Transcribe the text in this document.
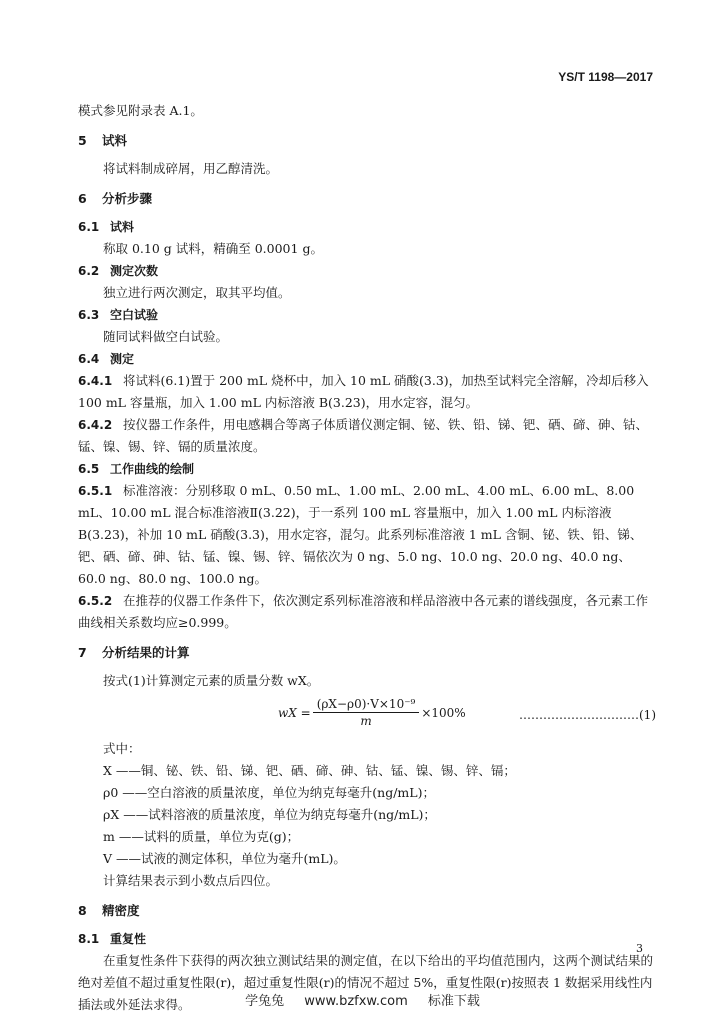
YS/T 1198—2017

模式参见附录表 A.1。

5 试料

将试料制成碎屑，用乙醇清洗。

6 分析步骤
6.1 试料

称取 0.10 g 试料，精确至 0.0001 g。

6.2 测定次数

独立进行两次测定，取其平均值。

6.3 空白试验

随同试料做空白试验。

6.4 测定

6.4.1 将试料(6.1)置于 200 mL 烧杯中，加入 10 mL 硝酸(3.3)，加热至试料完全溶解，冷却后移入 100 mL 容量瓶，加入 1.00 mL 内标溶液 B(3.23)，用水定容，混匀。

6.4.2 按仪器工作条件，用电感耦合等离子体质谱仪测定铜、铋、铁、铅、锑、钯、硒、碲、砷、钴、锰、镍、锡、锌、镉的质量浓度。

6.5 工作曲线的绘制

6.5.1 标准溶液：分别移取 0 mL、0.50 mL、1.00 mL、2.00 mL、4.00 mL、6.00 mL、8.00 mL、10.00 mL 混合标准溶液Ⅱ(3.22)，于一系列 100 mL 容量瓶中，加入 1.00 mL 内标溶液 B(3.23)，补加 10 mL 硝酸(3.3)，用水定容，混匀。此系列标准溶液 1 mL 含铜、铋、铁、铅、锑、钯、硒、碲、砷、钴、锰、镍、锡、锌、镉依次为 0 ng、5.0 ng、10.0 ng、20.0 ng、40.0 ng、60.0 ng、80.0 ng、100.0 ng。

6.5.2 在推荐的仪器工作条件下，依次测定系列标准溶液和样品溶液中各元素的谱线强度，各元素工作曲线相关系数均应≥0.999。

7 分析结果的计算

按式(1)计算测定元素的质量分数 wX。

wX = $\frac{\text{(ρX−ρ0)·V×10⁻⁹}}{m} \times 100\%$	…………………………(1)

式中：

X ——铜、铋、铁、铅、锑、钯、硒、碲、砷、钴、锰、镍、锡、锌、镉；

ρ0 ——空白溶液的质量浓度，单位为纳克每毫升(ng/mL)；

ρX ——试料溶液的质量浓度，单位为纳克每毫升(ng/mL)；

m ——试料的质量，单位为克(g)；

V ——试液的测定体积，单位为毫升(mL)。

计算结果表示到小数点后四位。

8 精密度
8.1 重复性

在重复性条件下获得的两次独立测试结果的测定值，在以下给出的平均值范围内，这两个测试结果的绝对差值不超过重复性限(r)，超过重复性限(r)的情况不超过 5%，重复性限(r)按照表 1 数据采用线性内插法或外延法求得。

3
学兔兔 www.bzfxw.com 标准下载
